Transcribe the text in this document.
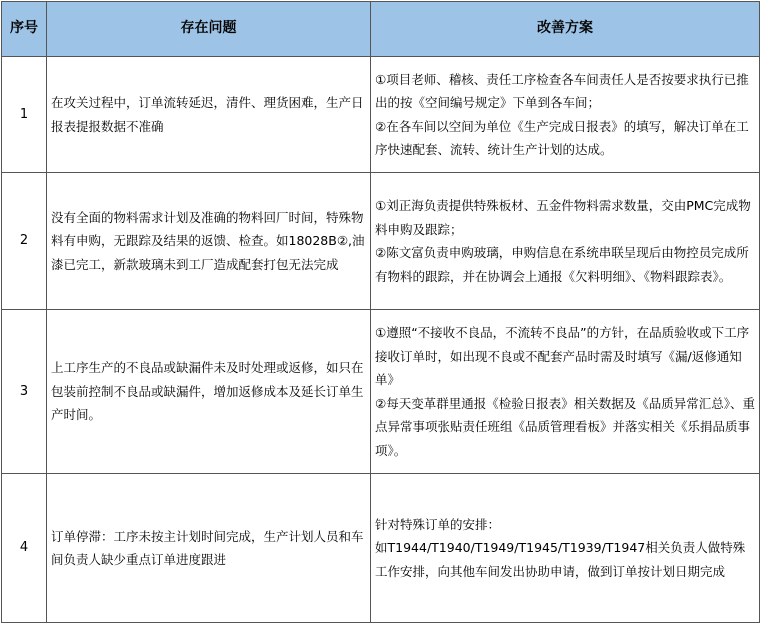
序号	存在问题	改善方案
1	在攻关过程中，订单流转延迟，清件、理货困难，生产日报表提报数据不准确	①项目老师、稽核、责任工序检查各车间责任人是否按要求执行已推出的按《空间编号规定》下单到各车间；
②在各车间以空间为单位《生产完成日报表》的填写，解决订单在工序快速配套、流转、统计生产计划的达成。

2	没有全面的物料需求计划及准确的物料回厂时间，特殊物料有申购，无跟踪及结果的返馈、检查。如18028B②,油漆已完工，新款玻璃未到工厂造成配套打包无法完成	①刘正海负责提供特殊板材、五金件物料需求数量，交由PMC完成物料申购及跟踪；
②陈文富负责申购玻璃，申购信息在系统串联呈现后由物控员完成所有物料的跟踪，并在协调会上通报《欠料明细》、《物料跟踪表》。

3	上工序生产的不良品或缺漏件未及时处理或返修，如只在包装前控制不良品或缺漏件，增加返修成本及延长订单生产时间。	①遵照“不接收不良品，不流转不良品”的方针，在品质验收或下工序接收订单时，如出现不良或不配套产品时需及时填写《漏/返修通知单》
②每天变革群里通报《检验日报表》相关数据及《品质异常汇总》、重点异常事项张贴责任班组《品质管理看板》并落实相关《乐捐品质事项》。

4	订单停滞：工序未按主计划时间完成，生产计划人员和车间负责人缺少重点订单进度跟进	针对特殊订单的安排：
如T1944/T1940/T1949/T1945/T1939/T1947相关负责人做特殊工作安排，向其他车间发出协助申请，做到订单按计划日期完成
